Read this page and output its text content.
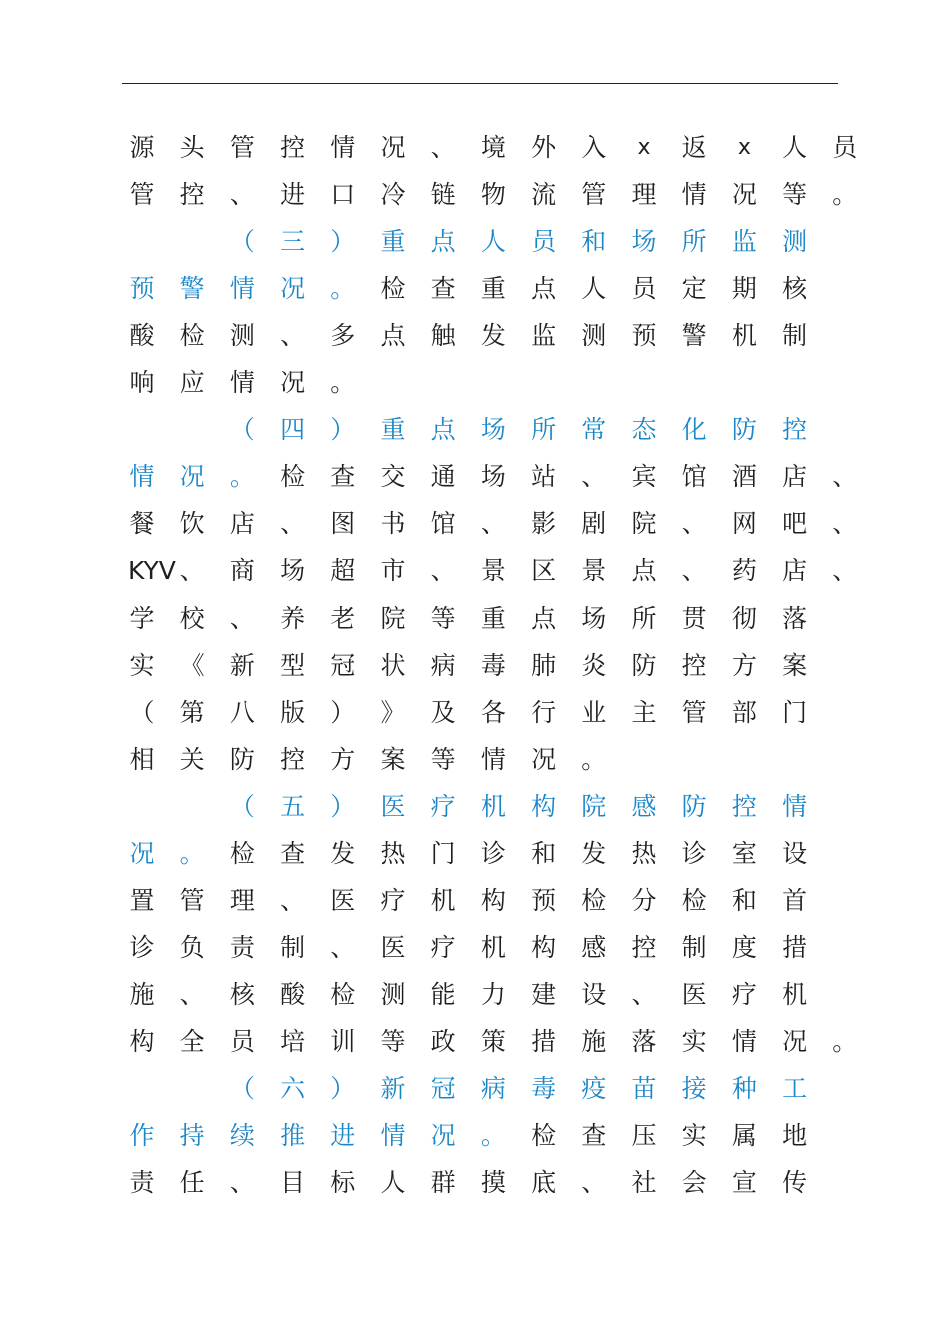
源	头	管	控	情	况	、	境	外	入	x	返	x	人	员
管	控	、	进	口	冷	链	物	流	管	理	情	况	等	。
（	三	）	重	点	人	员	和	场	所	监	测
预	警	情	况	。	检	查	重	点	人	员	定	期	核
酸	检	测	、	多	点	触	发	监	测	预	警	机	制
响	应	情	况	。
（	四	）	重	点	场	所	常	态	化	防	控
情	况	。	检	查	交	通	场	站	、	宾	馆	酒	店	、
餐	饮	店	、	图	书	馆	、	影	剧	院	、	网	吧	、
KYV 、	商	场	超	市	、	景	区	景	点	、	药	店	、
学	校	、	养	老	院	等	重	点	场	所	贯	彻	落
实	《	新	型	冠	状	病	毒	肺	炎	防	控	方	案
（	第	八	版	）	》	及	各	行	业	主	管	部	门
相	关	防	控	方	案	等	情	况	。
（	五	）	医	疗	机	构	院	感	防	控	情
况	。	检	查	发	热	门	诊	和	发	热	诊	室	设
置	管	理	、	医	疗	机	构	预	检	分	检	和	首
诊	负	责	制	、	医	疗	机	构	感	控	制	度	措
施	、	核	酸	检	测	能	力	建	设	、	医	疗	机
构	全	员	培	训	等	政	策	措	施	落	实	情	况	。
（	六	）	新	冠	病	毒	疫	苗	接	种	工
作	持	续	推	进	情	况	。	检	查	压	实	属	地
责	任	、	目	标	人	群	摸	底	、	社	会	宣	传
